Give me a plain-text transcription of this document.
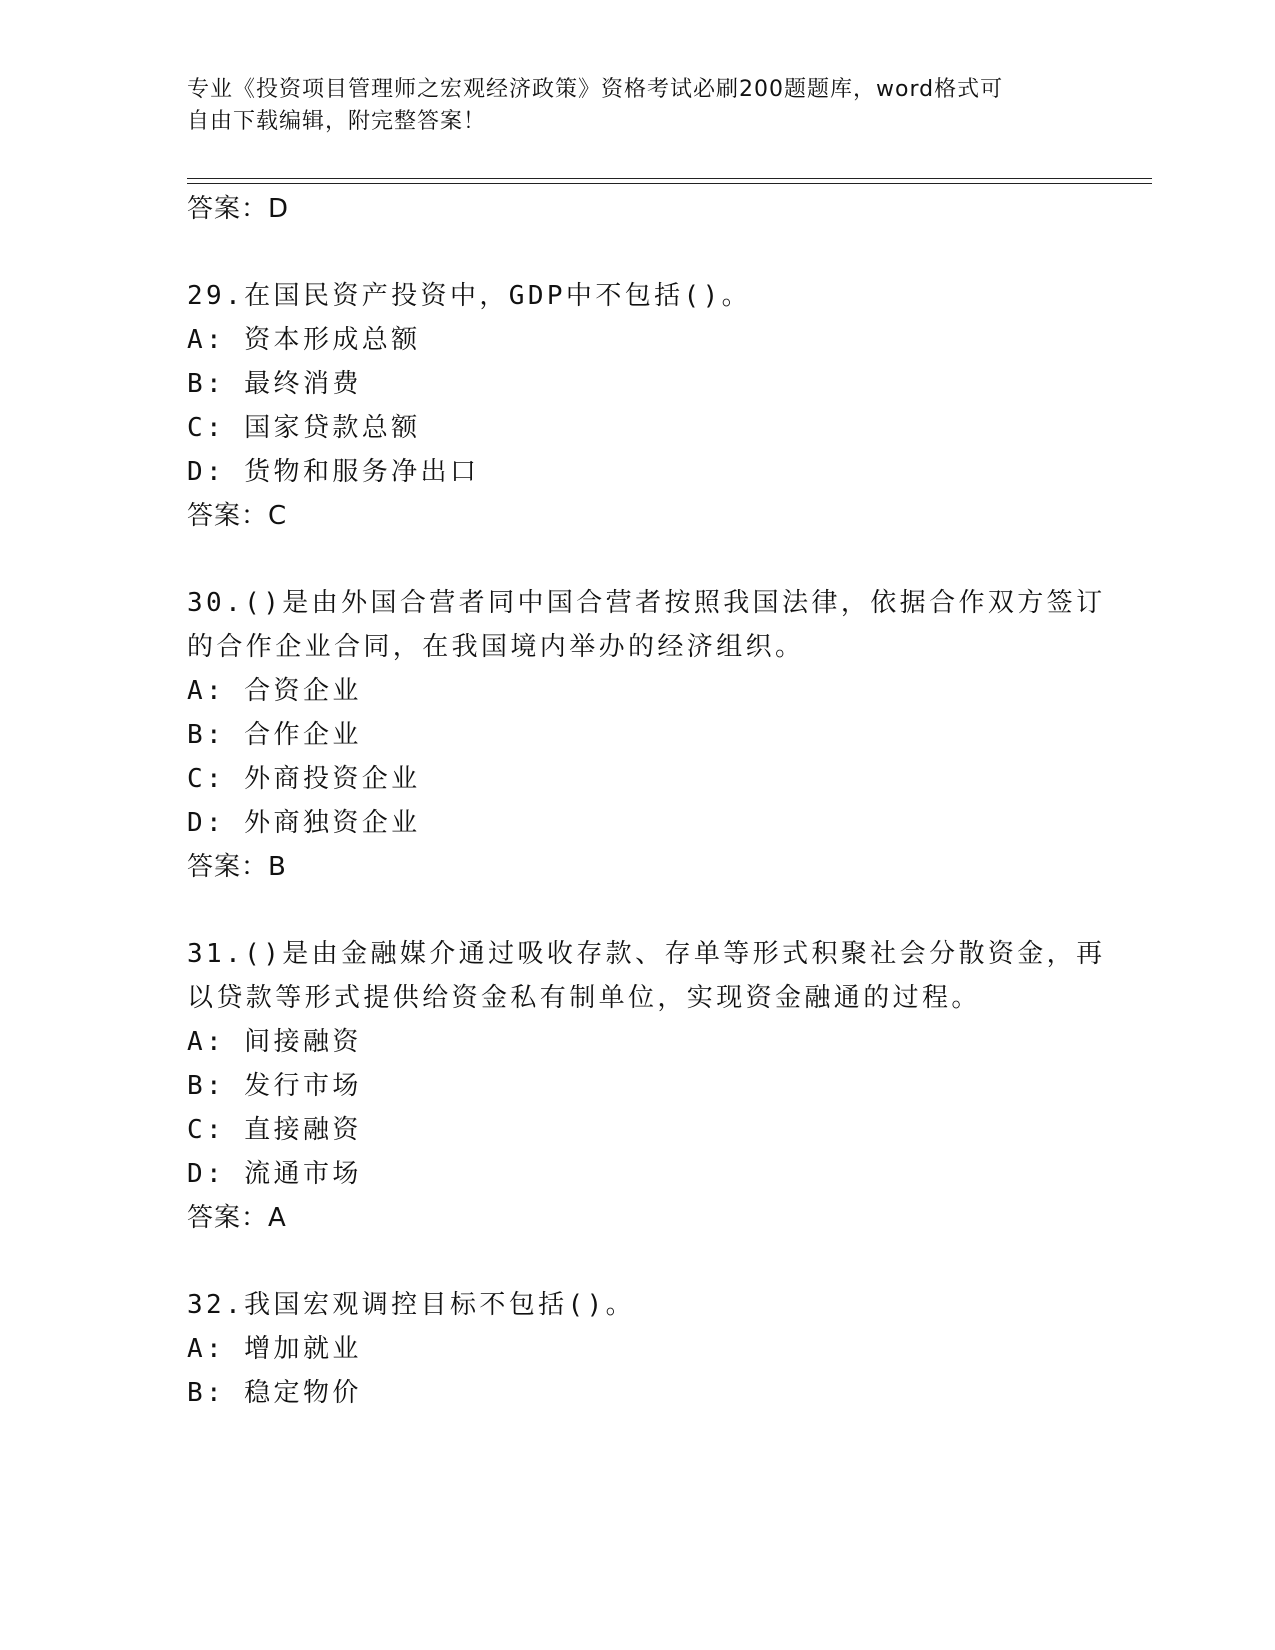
专业《投资项目管理师之宏观经济政策》资格考试必刷200题题库，word格式可
自由下载编辑，附完整答案！
答案：D
29.在国民资产投资中，GDP中不包括()。
A: 资本形成总额
B: 最终消费
C: 国家贷款总额
D: 货物和服务净出口
答案：C
30.()是由外国合营者同中国合营者按照我国法律，依据合作双方签订
的合作企业合同，在我国境内举办的经济组织。
A: 合资企业
B: 合作企业
C: 外商投资企业
D: 外商独资企业
答案：B
31.()是由金融媒介通过吸收存款、存单等形式积聚社会分散资金，再
以贷款等形式提供给资金私有制单位，实现资金融通的过程。
A: 间接融资
B: 发行市场
C: 直接融资
D: 流通市场
答案：A
32.我国宏观调控目标不包括()。
A: 增加就业
B: 稳定物价
